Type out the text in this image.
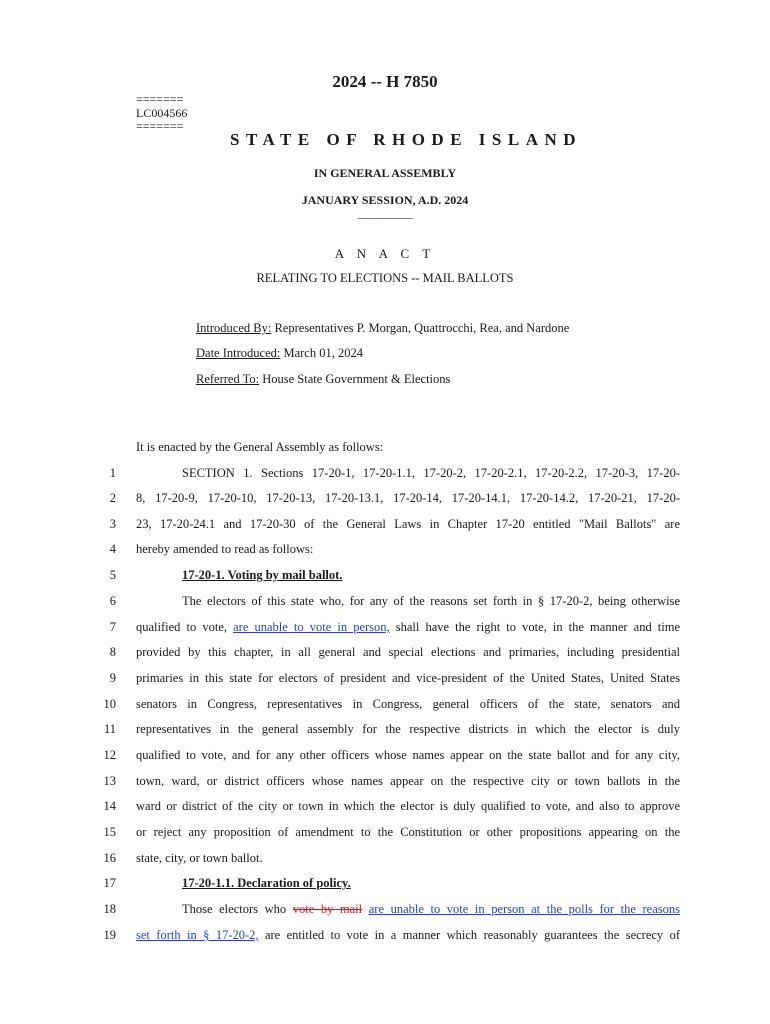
2024 -- H 7850
=======
LC004566
=======
STATE OF RHODE ISLAND
IN GENERAL ASSEMBLY
JANUARY SESSION, A.D. 2024
____________
A N A C T
RELATING TO ELECTIONS -- MAIL BALLOTS
Introduced By: Representatives P. Morgan, Quattrocchi, Rea, and Nardone
Date Introduced: March 01, 2024
Referred To: House State Government & Elections
It is enacted by the General Assembly as follows:
1	SECTION 1. Sections 17-20-1, 17-20-1.1, 17-20-2, 17-20-2.1, 17-20-2.2, 17-20-3, 17-20-
2 8, 17-20-9, 17-20-10, 17-20-13, 17-20-13.1, 17-20-14, 17-20-14.1, 17-20-14.2, 17-20-21, 17-20-
3 23, 17-20-24.1 and 17-20-30 of the General Laws in Chapter 17-20 entitled "Mail Ballots" are
4 hereby amended to read as follows:
5	17-20-1. Voting by mail ballot.
6	The electors of this state who, for any of the reasons set forth in § 17-20-2, being otherwise
7 qualified to vote, are unable to vote in person, shall have the right to vote, in the manner and time
8 provided by this chapter, in all general and special elections and primaries, including presidential
9 primaries in this state for electors of president and vice-president of the United States, United States
10 senators in Congress, representatives in Congress, general officers of the state, senators and
11 representatives in the general assembly for the respective districts in which the elector is duly
12 qualified to vote, and for any other officers whose names appear on the state ballot and for any city,
13 town, ward, or district officers whose names appear on the respective city or town ballots in the
14 ward or district of the city or town in which the elector is duly qualified to vote, and also to approve
15 or reject any proposition of amendment to the Constitution or other propositions appearing on the
16 state, city, or town ballot.
17	17-20-1.1. Declaration of policy.
18	Those electors who vote by mail are unable to vote in person at the polls for the reasons
19 set forth in § 17-20-2, are entitled to vote in a manner which reasonably guarantees the secrecy of
